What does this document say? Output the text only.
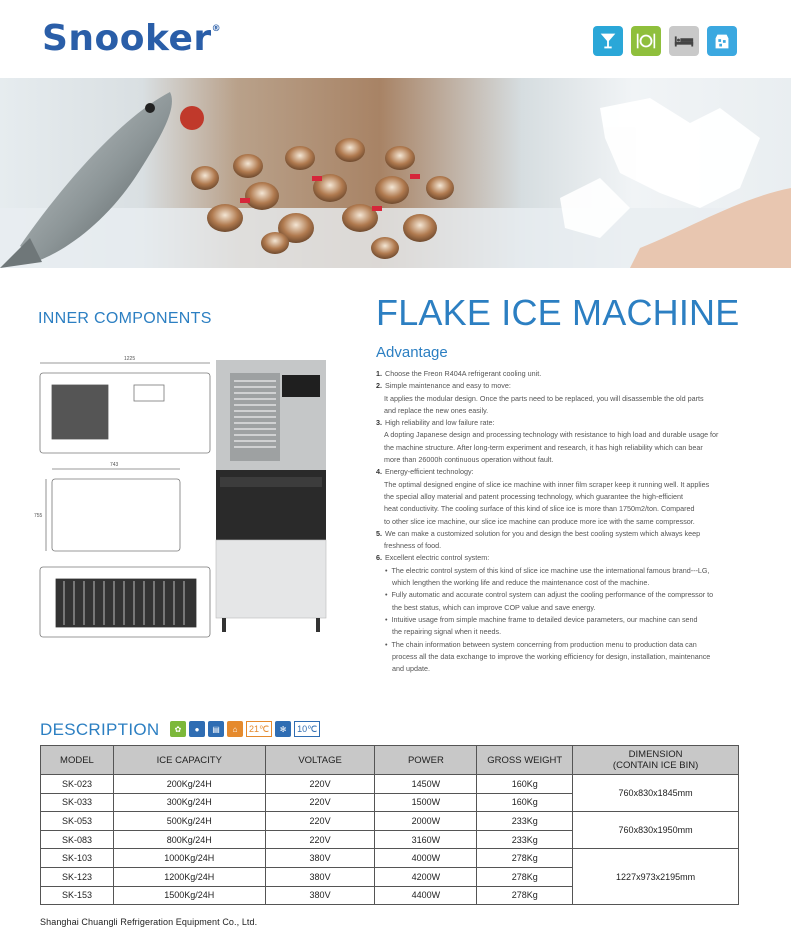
Snooker®
INNER COMPONENTS
1225
743
755
FLAKE ICE MACHINE
Advantage
1. Choose the Freon R404A refrigerant cooling unit.
2. Simple maintenance and easy to move:
It applies the modular design. Once the parts need to be replaced, you will disassemble the old parts
and replace the new ones easily.
3. High reliability and low failure rate:
A dopting Japanese design and processing technology with resistance to high load and durable usage for
the machine structure. After long-term experiment and research, it has high reliability which can bear
more than 26000h continuous operation without fault.
4. Energy-efficient technology:
The optimal designed engine of slice ice machine with inner film scraper keep it running well. It applies
the special alloy material and patent processing technology, which guarantee the high-efficient
heat conductivity. The cooling surface of this kind of slice ice is more than 1750m2/ton. Compared
to other slice ice machine, our slice ice machine can produce more ice with the same compressor.
5. We can make a customized solution for you and design the best cooling system which always keep
freshness of food.
6. Excellent electric control system:
• The electric control system of this kind of slice ice machine use the international famous brand---LG,
which lengthen the working life and reduce the maintenance cost of the machine.
• Fully automatic and accurate control system can adjust the cooling performance of the compressor to
the best status, which can improve COP value and save energy.
• Intuitive usage from simple machine frame to detailed device parameters, our machine can send
the repairing signal when it needs.
• The chain information between system concerning from production menu to production data can
process all the data exchange to improve the working efficiency for design, installation, maintenance
and update.
DESCRIPTION	✿	●	▤	⌂	21℃	✻	10℃
MODEL	ICE CAPACITY	VOLTAGE	POWER	GROSS WEIGHT	DIMENSION
(CONTAIN ICE BIN)
SK-023	200Kg/24H	220V	1450W	160Kg	760x830x1845mm
SK-033	300Kg/24H	220V	1500W	160Kg	
SK-053	500Kg/24H	220V	2000W	233Kg	760x830x1950mm
SK-083	800Kg/24H	220V	3160W	233Kg	
SK-103	1000Kg/24H	380V	4000W	278Kg	1227x973x2195mm
SK-123	1200Kg/24H	380V	4200W	278Kg	
SK-153	1500Kg/24H	380V	4400W	278Kg	
Shanghai Chuangli Refrigeration Equipment Co., Ltd.
